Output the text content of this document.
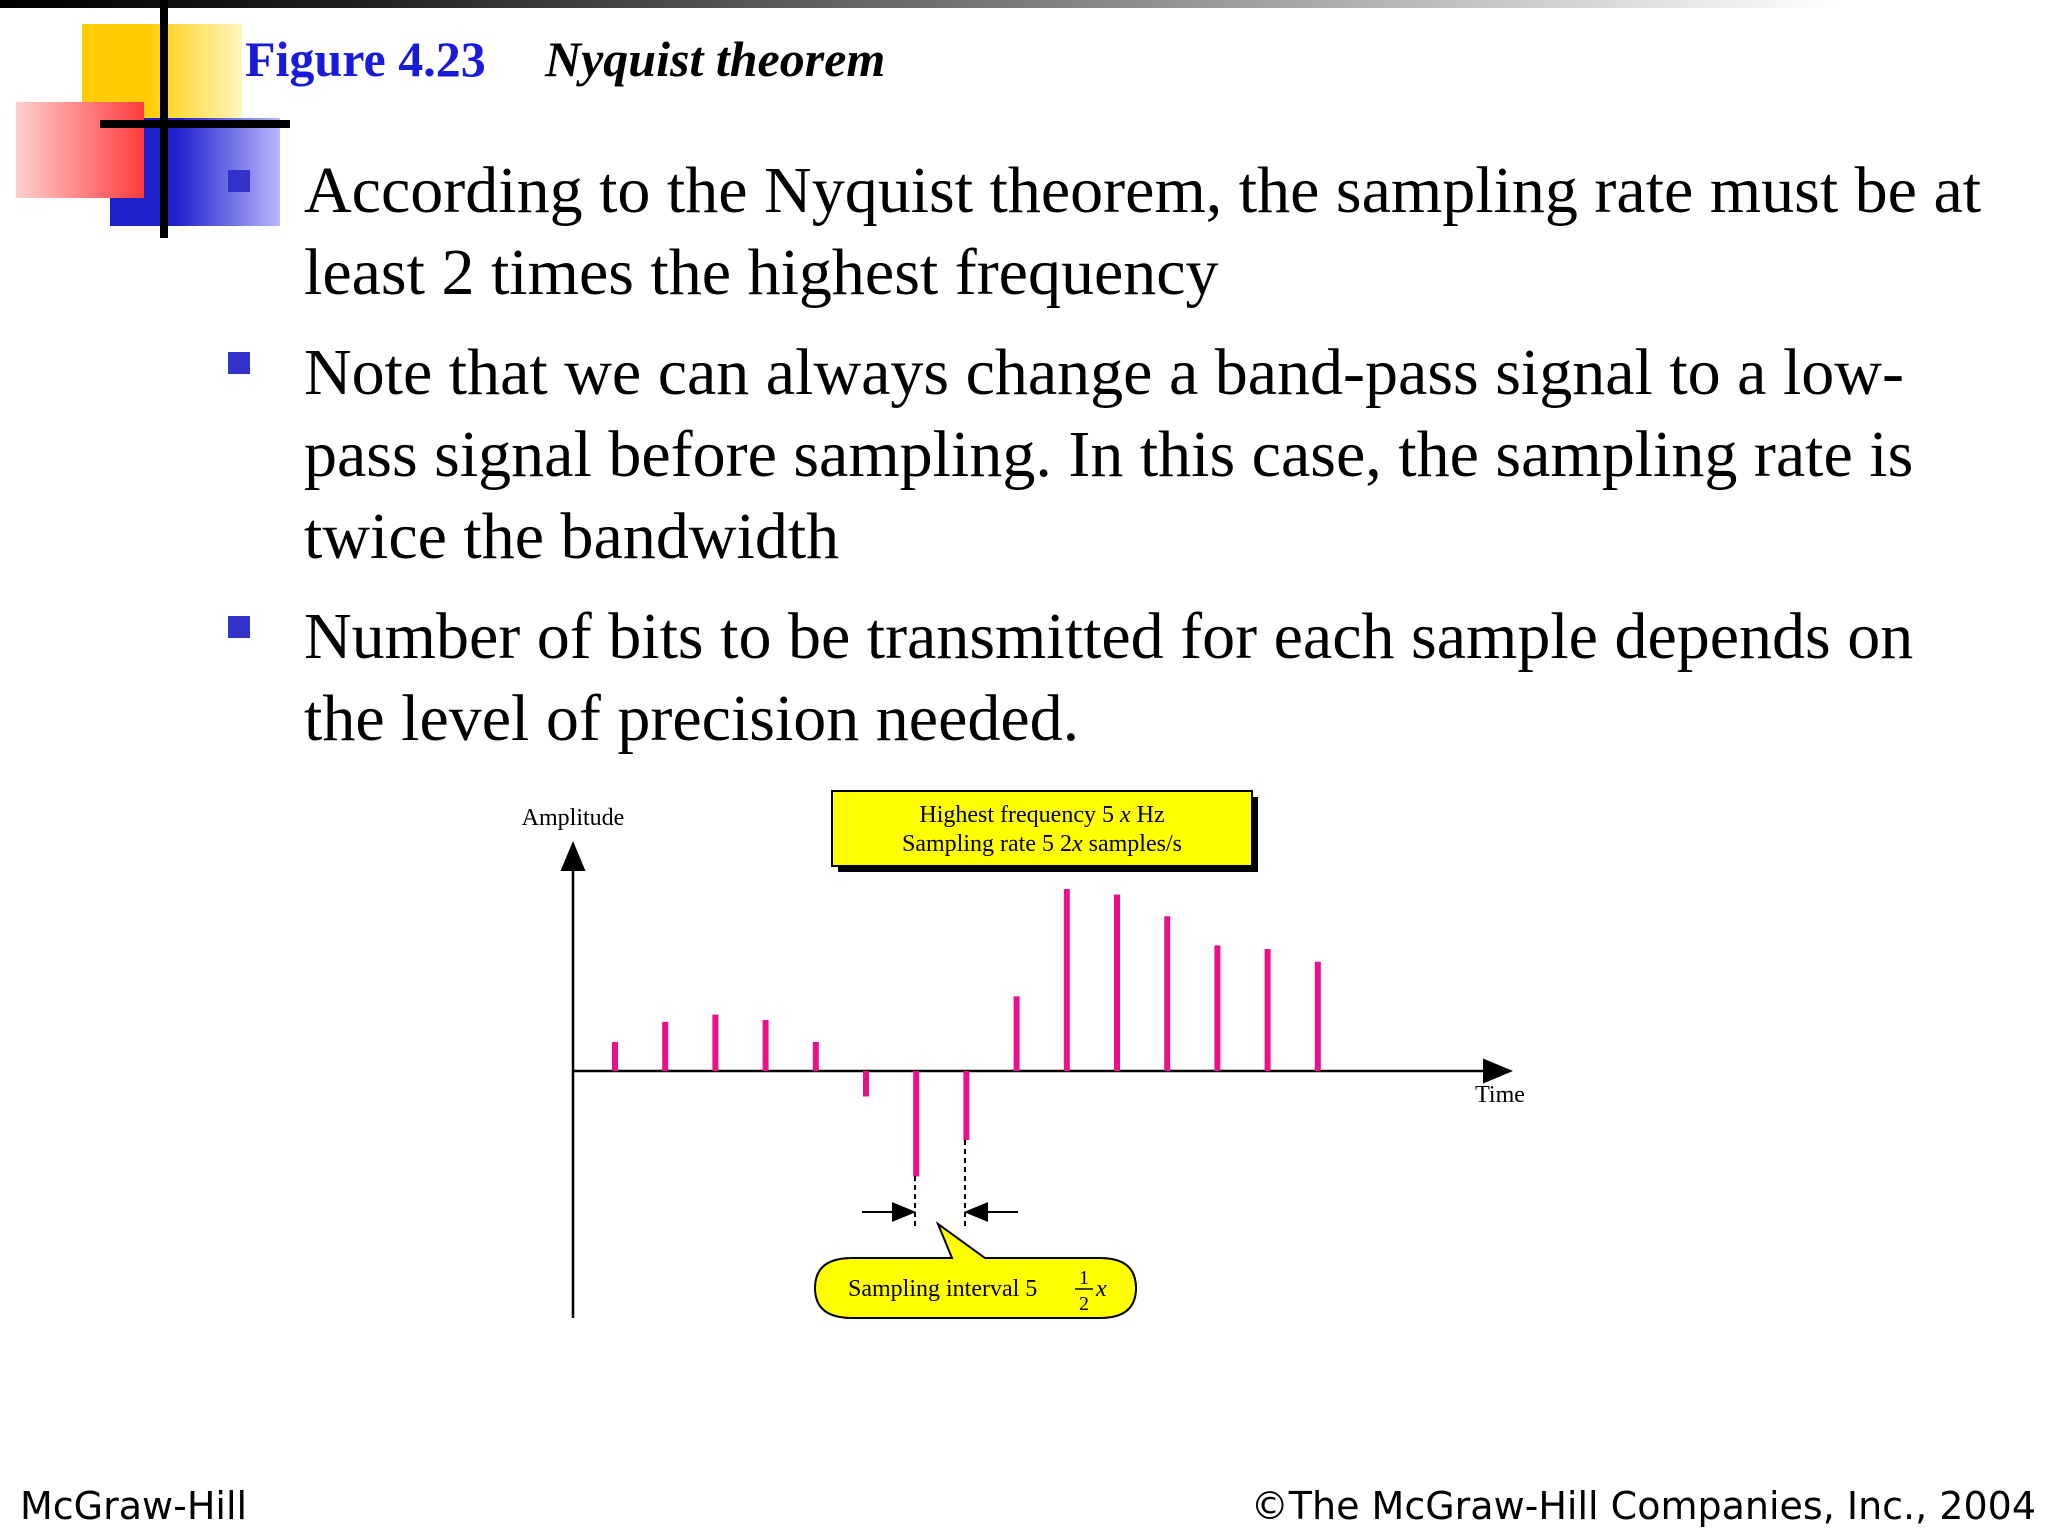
Figure 4.23 Nyquist theorem
According to the Nyquist theorem, the sampling rate must be at least 2 times the highest frequency
Note that we can always change a band-pass signal to a low-pass signal before sampling. In this case, the sampling rate is twice the bandwidth
Number of bits to be transmitted for each sample depends on the level of precision needed.
Amplitude
Time
Highest frequency 5 x Hz
Sampling rate 5 2x samples/s
Sampling interval 5 1
2
x
McGraw-Hill	©The McGraw-Hill Companies, Inc., 2004
